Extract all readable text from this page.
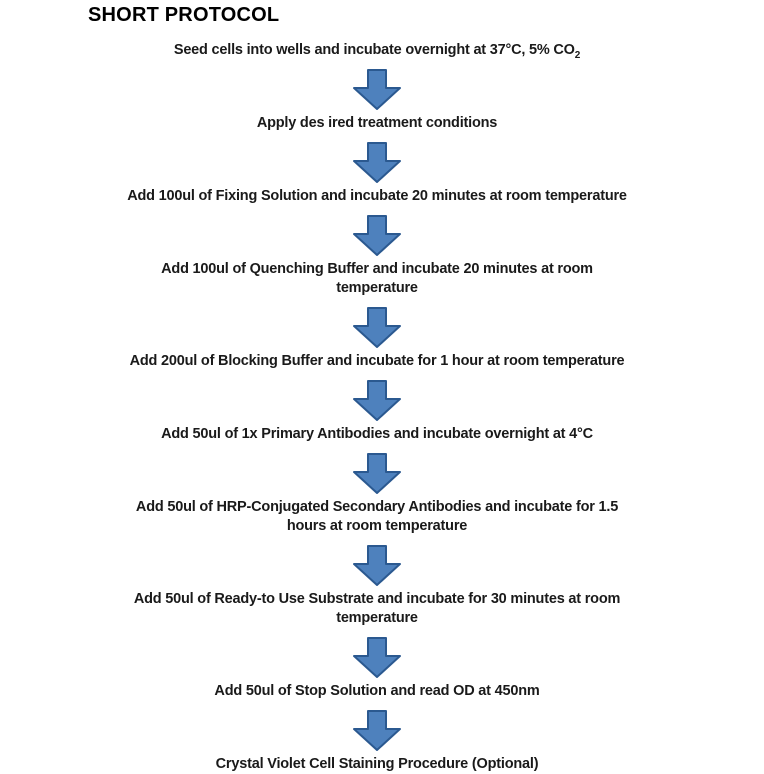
SHORT PROTOCOL
Seed cells into wells and incubate overnight at 37°C, 5% $CO_2$
Apply des ired treatment conditions
Add 100ul of Fixing Solution and incubate 20 minutes at room temperature
Add 100ul of Quenching Buffer and incubate 20 minutes at room
temperature
Add 200ul of Blocking Buffer and incubate for 1 hour at room temperature
Add 50ul of 1x Primary Antibodies and incubate overnight at 4°C
Add 50ul of HRP-Conjugated Secondary Antibodies and incubate for 1.5
hours at room temperature
Add 50ul of Ready-to Use Substrate and incubate for 30 minutes at room
temperature
Add 50ul of Stop Solution and read OD at 450nm
Crystal Violet Cell Staining Procedure (Optional)
